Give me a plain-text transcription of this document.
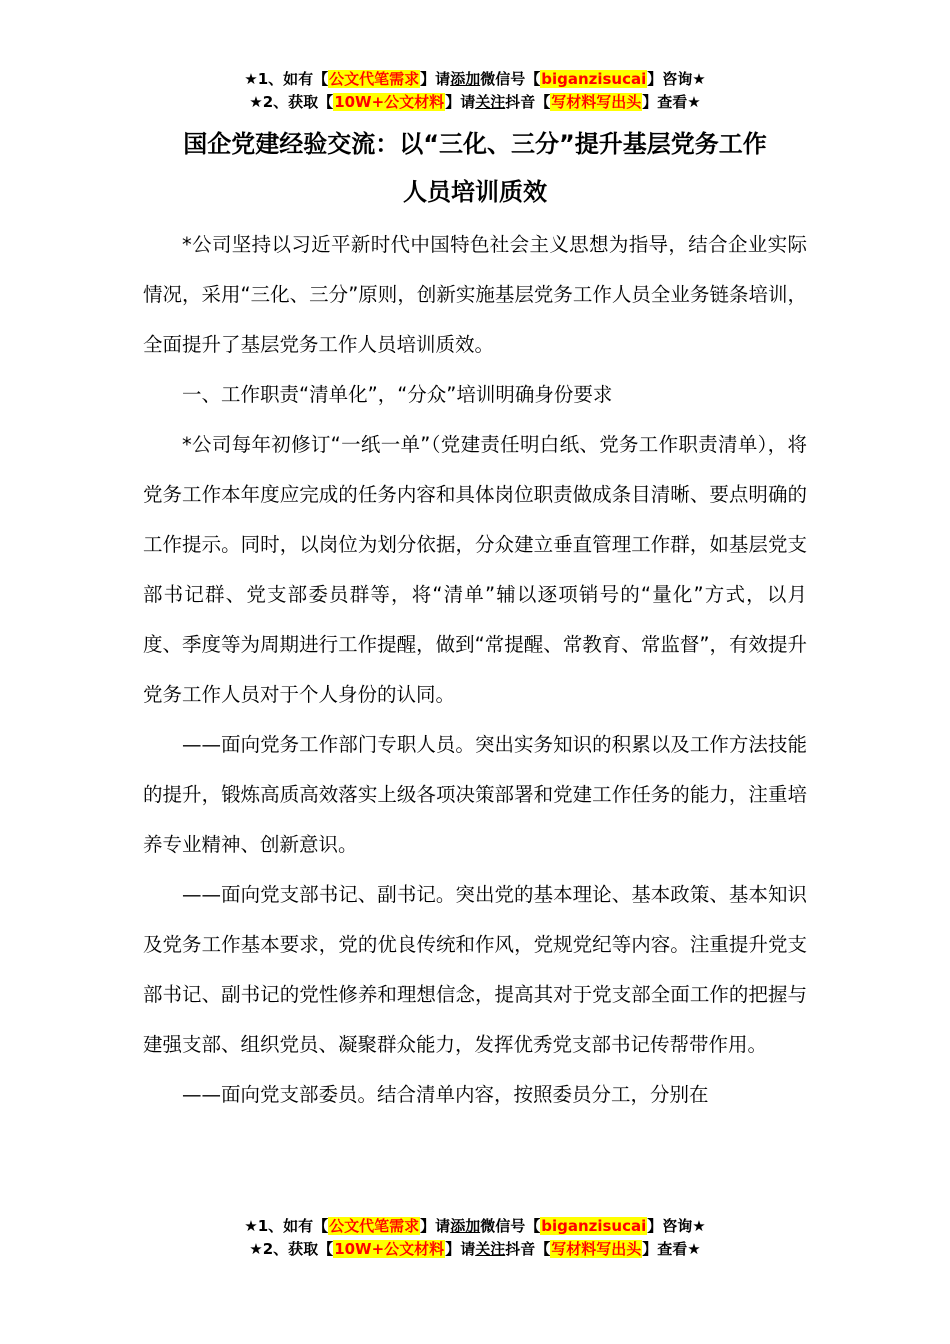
★1、如有【公文代笔需求】请添加微信号【biganzisucai】咨询★
★2、获取【10W+公文材料】请关注抖音【写材料写出头】查看★
国企党建经验交流：以“三化、三分”提升基层党务工作
人员培训质效

*公司坚持以习近平新时代中国特色社会主义思想为指导，结合企业实际情况，采用“三化、三分”原则，创新实施基层党务工作人员全业务链条培训，全面提升了基层党务工作人员培训质效。

一、工作职责“清单化”，“分众”培训明确身份要求

*公司每年初修订“一纸一单”（党建责任明白纸、党务工作职责清单），将党务工作本年度应完成的任务内容和具体岗位职责做成条目清晰、要点明确的工作提示。同时，以岗位为划分依据，分众建立垂直管理工作群，如基层党支部书记群、党支部委员群等，将“清单”辅以逐项销号的“量化”方式，以月度、季度等为周期进行工作提醒，做到“常提醒、常教育、常监督”，有效提升党务工作人员对于个人身份的认同。

——面向党务工作部门专职人员。突出实务知识的积累以及工作方法技能的提升，锻炼高质高效落实上级各项决策部署和党建工作任务的能力，注重培养专业精神、创新意识。

——面向党支部书记、副书记。突出党的基本理论、基本政策、基本知识及党务工作基本要求，党的优良传统和作风，党规党纪等内容。注重提升党支部书记、副书记的党性修养和理想信念，提高其对于党支部全面工作的把握与建强支部、组织党员、凝聚群众能力，发挥优秀党支部书记传帮带作用。

——面向党支部委员。结合清单内容，按照委员分工，分别在

★1、如有【公文代笔需求】请添加微信号【biganzisucai】咨询★
★2、获取【10W+公文材料】请关注抖音【写材料写出头】查看★
